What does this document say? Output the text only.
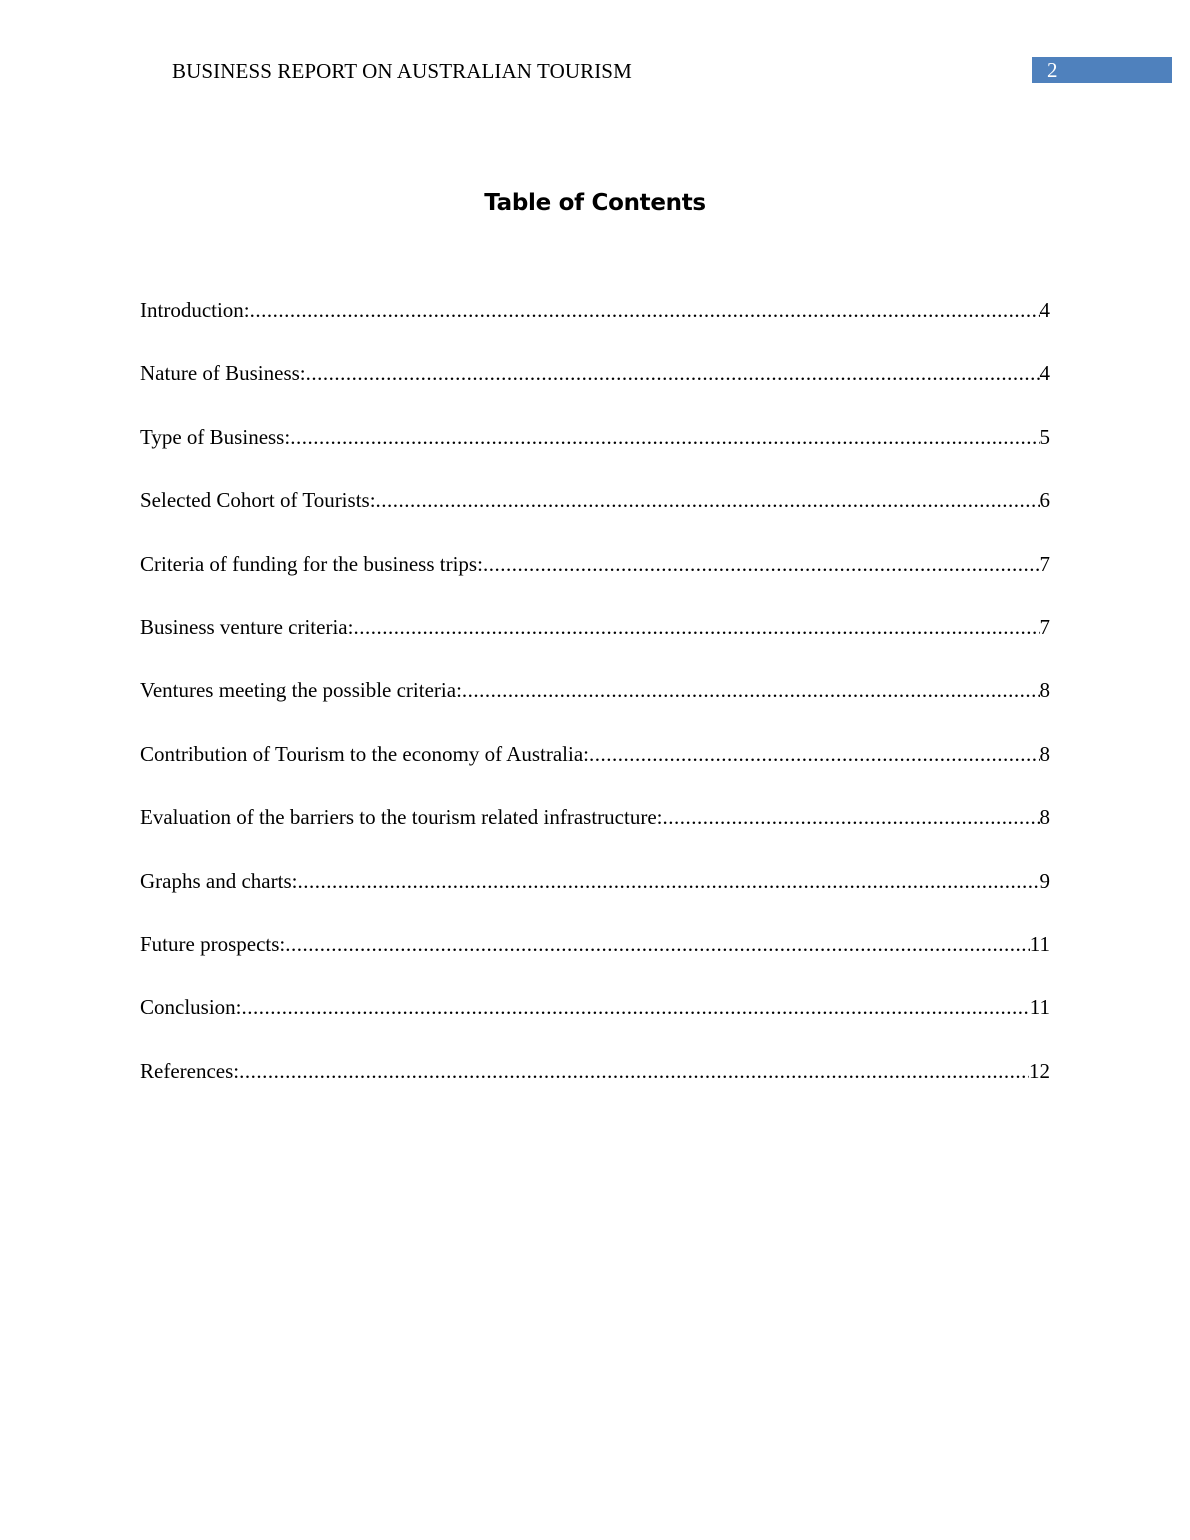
BUSINESS REPORT ON AUSTRALIAN TOURISM	2
Table of Contents
Introduction: .....	4
Nature of Business: .....	4
Type of Business: .....	5
Selected Cohort of Tourists: .....	6
Criteria of funding for the business trips: .....	7
Business venture criteria: .....	7
Ventures meeting the possible criteria: .....	8
Contribution of Tourism to the economy of Australia: .....	8
Evaluation of the barriers to the tourism related infrastructure: .....	8
Graphs and charts: .....	9
Future prospects: .....	11
Conclusion: .....	11
References: .....	12
